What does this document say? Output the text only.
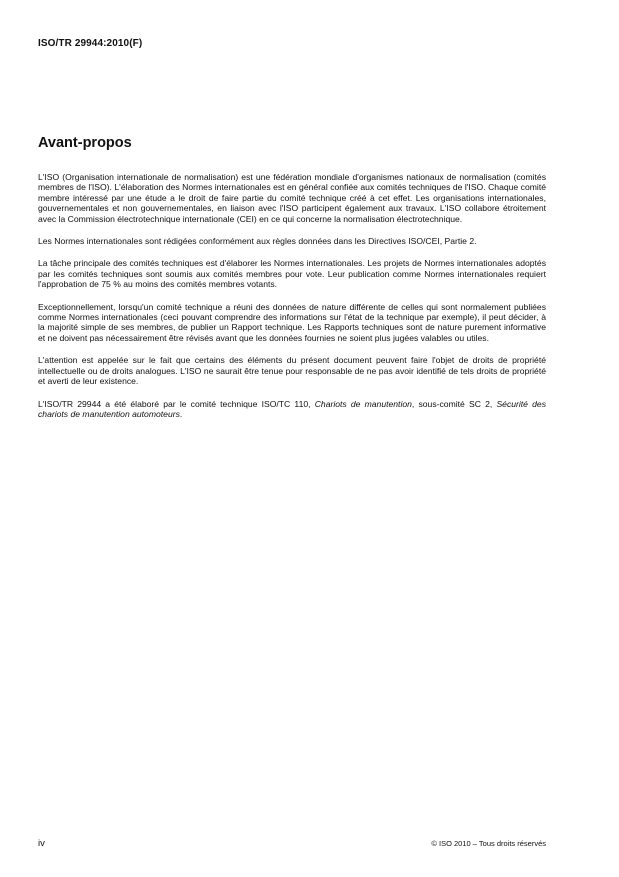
ISO/TR 29944:2010(F)
Avant-propos

L'ISO (Organisation internationale de normalisation) est une fédération mondiale d'organismes nationaux de normalisation (comités membres de l'ISO). L'élaboration des Normes internationales est en général confiée aux comités techniques de l'ISO. Chaque comité membre intéressé par une étude a le droit de faire partie du comité technique créé à cet effet. Les organisations internationales, gouvernementales et non gouvernementales, en liaison avec l'ISO participent également aux travaux. L'ISO collabore étroitement avec la Commission électrotechnique internationale (CEI) en ce qui concerne la normalisation électrotechnique.

Les Normes internationales sont rédigées conformément aux règles données dans les Directives ISO/CEI, Partie 2.

La tâche principale des comités techniques est d'élaborer les Normes internationales. Les projets de Normes internationales adoptés par les comités techniques sont soumis aux comités membres pour vote. Leur publication comme Normes internationales requiert l'approbation de 75 % au moins des comités membres votants.

Exceptionnellement, lorsqu'un comité technique a réuni des données de nature différente de celles qui sont normalement publiées comme Normes internationales (ceci pouvant comprendre des informations sur l'état de la technique par exemple), il peut décider, à la majorité simple de ses membres, de publier un Rapport technique. Les Rapports techniques sont de nature purement informative et ne doivent pas nécessairement être révisés avant que les données fournies ne soient plus jugées valables ou utiles.

L'attention est appelée sur le fait que certains des éléments du présent document peuvent faire l'objet de droits de propriété intellectuelle ou de droits analogues. L'ISO ne saurait être tenue pour responsable de ne pas avoir identifié de tels droits de propriété et averti de leur existence.

L'ISO/TR 29944 a été élaboré par le comité technique ISO/TC 110, Chariots de manutention, sous-comité SC 2, Sécurité des chariots de manutention automoteurs.

iv	© ISO 2010 – Tous droits réservés
